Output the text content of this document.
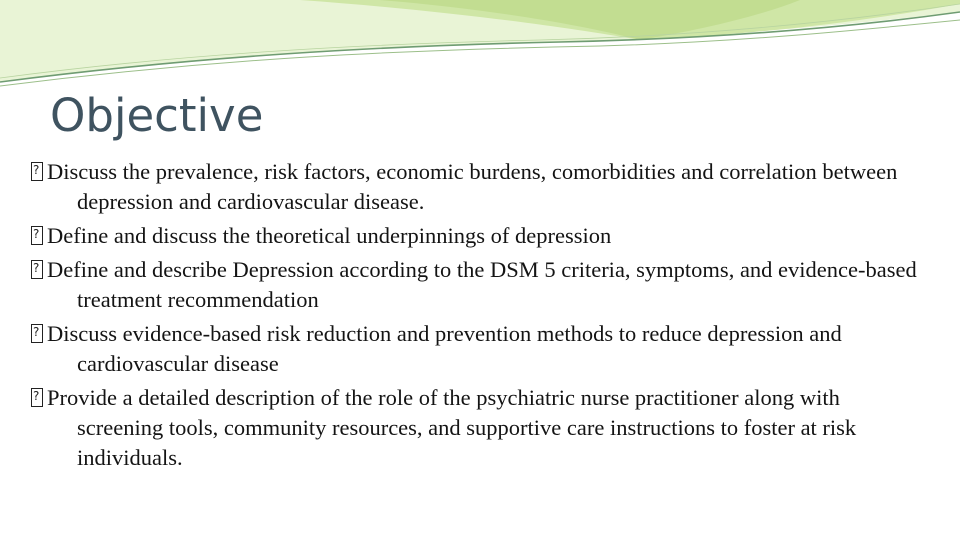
Objective
?
Discuss the prevalence, risk factors, economic burdens, comorbidities and correlation between depression and cardiovascular disease.
?
Define and discuss the theoretical underpinnings of depression
?
Define and describe Depression according to the DSM 5 criteria, symptoms, and evidence-based treatment recommendation
?
Discuss evidence-based risk reduction and prevention methods to reduce depression and cardiovascular disease
?
Provide a detailed description of the role of the psychiatric nurse practitioner along with screening tools, community resources, and supportive care instructions to foster at risk individuals.
